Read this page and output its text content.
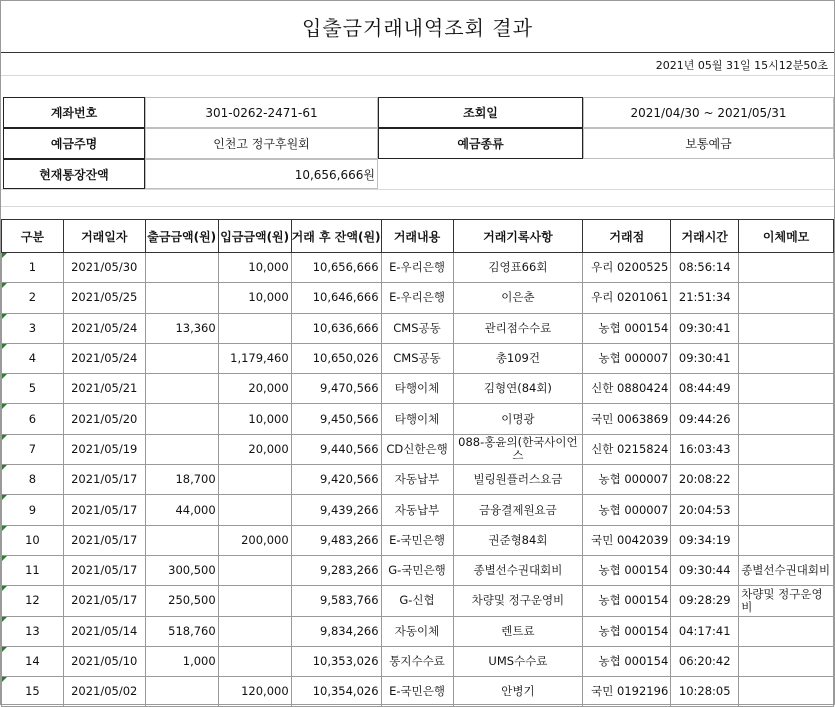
입출금거래내역조회 결과
2021년 05월 31일 15시12분50초
계좌번호	301-0262-2471-61	조회일	2021/04/30 ~ 2021/05/31
예금주명	인천고 정구후원회	예금종류	보통예금
현재통장잔액	10,656,666원
구분	거래일자	출금금액(원)	입금금액(원)	거래 후 잔액(원)	거래내용	거래기록사항	거래점	거래시간	이체메모
1	2021/05/30		10,000	10,656,666	E-우리은행	김영표66회	우리 0200525	08:56:14	
2	2021/05/25		10,000	10,646,666	E-우리은행	이은춘	우리 0201061	21:51:34	
3	2021/05/24	13,360		10,636,666	CMS공동	관리점수수료	농협 000154	09:30:41	
4	2021/05/24		1,179,460	10,650,026	CMS공동	총109건	농협 000007	09:30:41	
5	2021/05/21		20,000	9,470,566	타행이체	김형연(84회)	신한 0880424	08:44:49	
6	2021/05/20		10,000	9,450,566	타행이체	이명광	국민 0063869	09:44:26	
7	2021/05/19		20,000	9,440,566	CD신한은행	088-홍윤의(한국사이언스	신한 0215824	16:03:43	
8	2021/05/17	18,700		9,420,566	자동납부	빌링원플러스요금	농협 000007	20:08:22	
9	2021/05/17	44,000		9,439,266	자동납부	금융결제원요금	농협 000007	20:04:53	
10	2021/05/17		200,000	9,483,266	E-국민은행	권준형84회	국민 0042039	09:34:19	
11	2021/05/17	300,500		9,283,266	G-국민은행	종별선수권대회비	농협 000154	09:30:44	종별선수권대회비
12	2021/05/17	250,500		9,583,766	G-신협	차량및 정구운영비	농협 000154	09:28:29	차량및 정구운영비
13	2021/05/14	518,760		9,834,266	자동이체	렌트료	농협 000154	04:17:41	
14	2021/05/10	1,000		10,353,026	통지수수료	UMS수수료	농협 000154	06:20:42	
15	2021/05/02		120,000	10,354,026	E-국민은행	안병기	국민 0192196	10:28:05	
